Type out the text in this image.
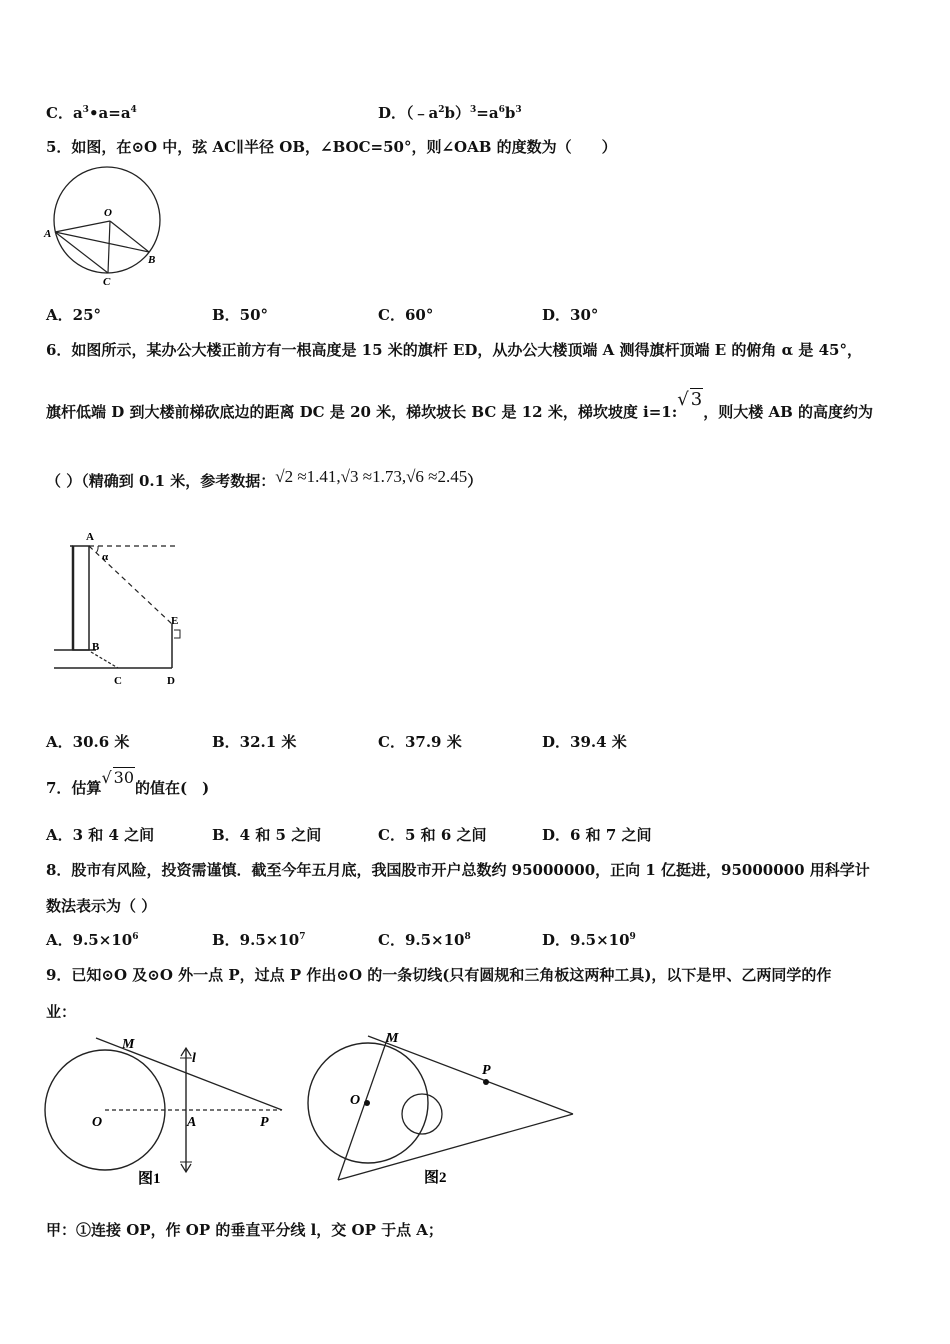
C．$a^3•a=a^4$	D．$(﹣a^2b)^3=a^6b^3$
5．如图，在⊙O 中，弦 AC∥半径 OB，∠BOC=50°，则∠OAB 的度数为（　　）
A
O
B
C
A．25°	B．50°	C．60°	D．30°
6．如图所示，某办公大楼正前方有一根高度是 15 米的旗杆 ED，从办公大楼顶端 A 测得旗杆顶端 E 的俯角 α 是 45°，
旗杆低端 D 到大楼前梯砍底边的距离 DC 是 20 米，梯坎坡长 BC 是 12 米，梯坎坡度 i=1:√ 3，则大楼 AB 的高度约为
（ ）（精确到 0.1 米，参考数据：√2 ≈1.41,√3 ≈1.73,√6 ≈2.45）
A
α
E
B
C	D
A．30.6 米	B．32.1 米	C．37.9 米	D．39.4 米
7．估算√ 30的值在(　)
A．3 和 4 之间	B．4 和 5 之间	C．5 和 6 之间	D．6 和 7 之间
8．股市有风险，投资需谨慎．截至今年五月底，我国股市开户总数约 95000000，正向 1 亿挺进，95000000 用科学计
数法表示为（ ）
A．$9.5\times 10^6$	B．$9.5\times 10^7$	C．$9.5\times 10^8$	D．$9.5\times 10^9$
9．已知⊙O 及⊙O 外一点 P，过点 P 作出⊙O 的一条切线(只有圆规和三角板这两种工具)，以下是甲、乙两同学的作
业：
M
l
O	A	P
图1
M
P
O
图2
甲：①连接 OP，作 OP 的垂直平分线 l，交 OP 于点 A；
